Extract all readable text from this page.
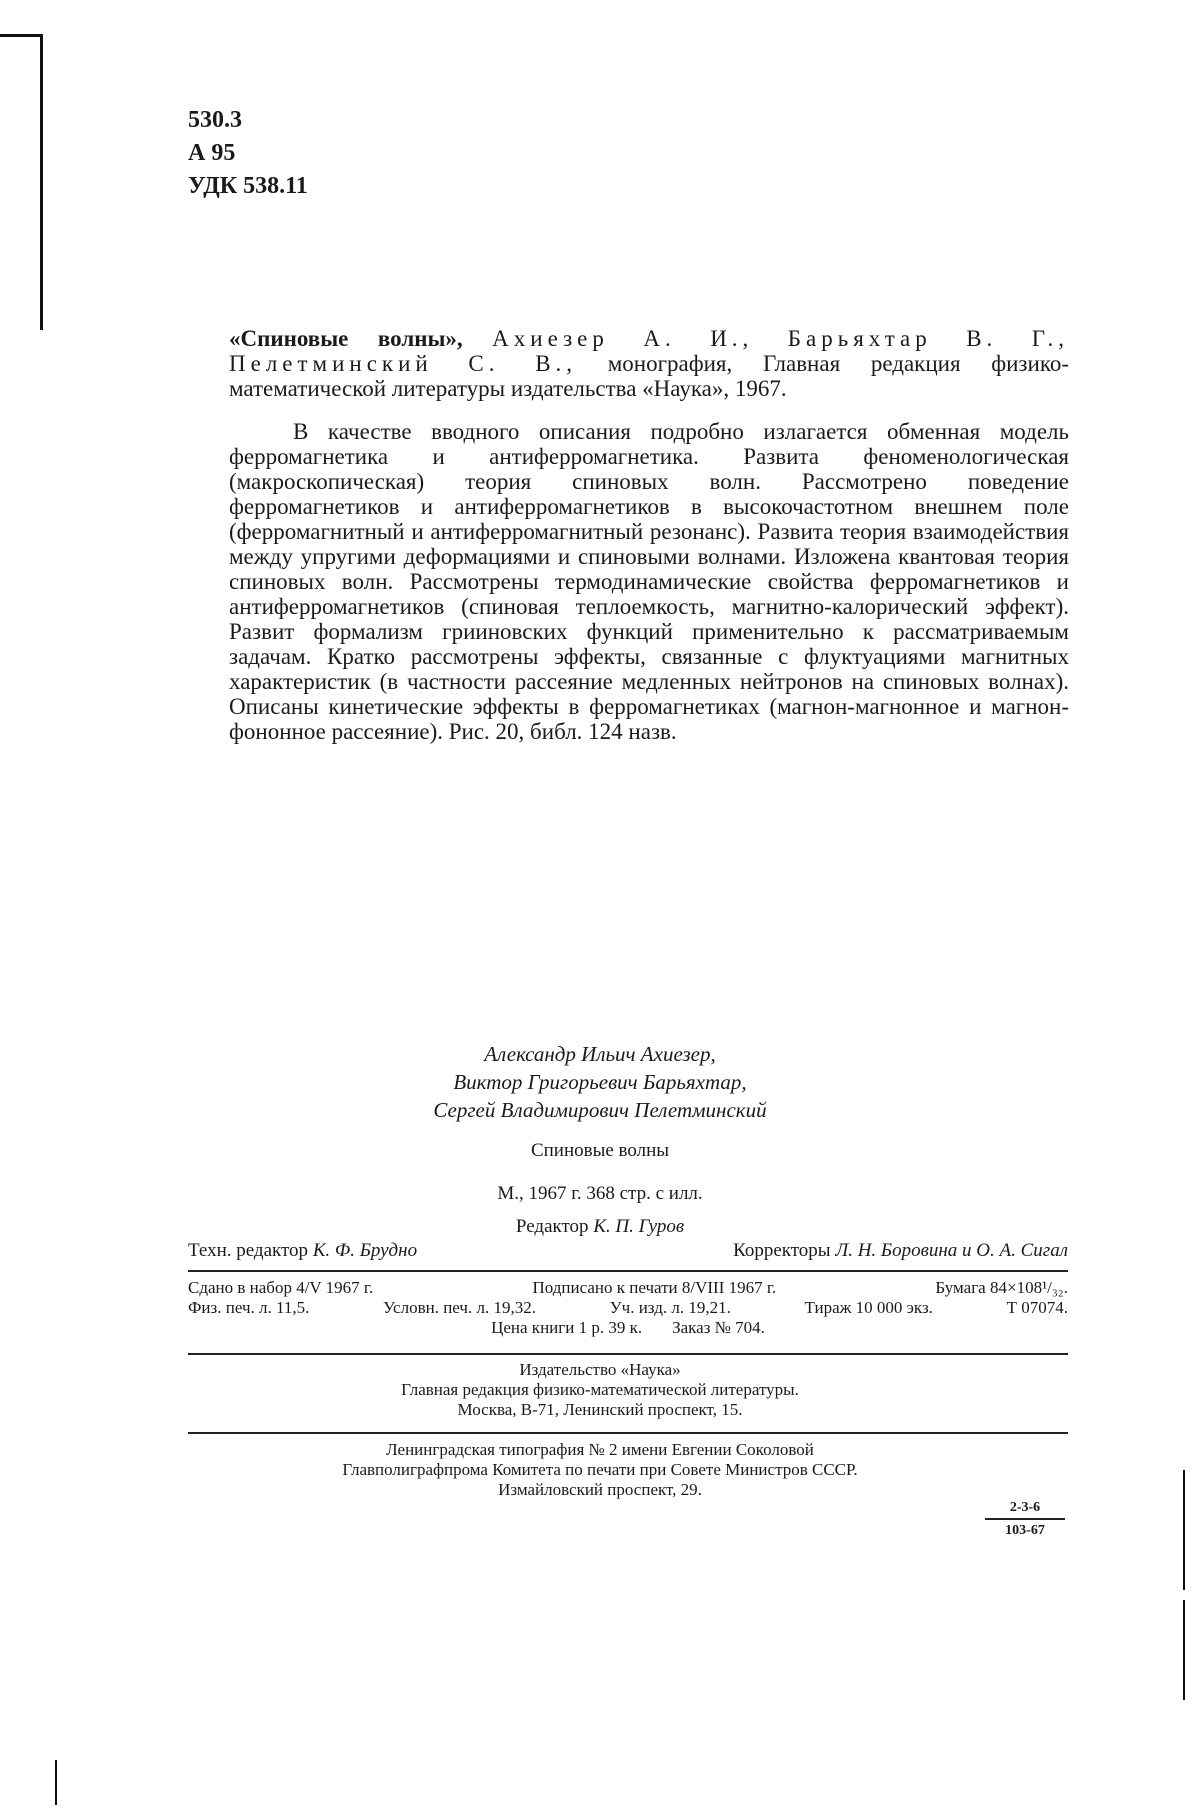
530.3
А 95
УДК 538.11

«Спиновые волны», Ахиезер А. И., Барьяхтар В. Г., Пелетминский С. В., монография, Главная редакция физико-математической литературы издательства «Наука», 1967.

В качестве вводного описания подробно излагается обменная модель ферромагнетика и антиферромагнетика. Развита феноменологическая (макроскопическая) теория спиновых волн. Рассмотрено поведение ферромагнетиков и антиферромагнетиков в высокочастотном внешнем поле (ферромагнитный и антиферромагнитный резонанс). Развита теория взаимодействия между упругими деформациями и спиновыми волнами. Изложена квантовая теория спиновых волн. Рассмотрены термодинамические свойства ферромагнетиков и антиферромагнетиков (спиновая теплоемкость, магнитно-калорический эффект). Развит формализм грииновских функций применительно к рассматриваемым задачам. Кратко рассмотрены эффекты, связанные с флуктуациями магнитных характеристик (в частности рассеяние медленных нейтронов на спиновых волнах). Описаны кинетические эффекты в ферромагнетиках (магнон-магнонное и магнон-фононное рассеяние). Рис. 20, библ. 124 назв.

Александр Ильич Ахиезер,
Виктор Григорьевич Барьяхтар,
Сергей Владимирович Пелетминский
Спиновые волны
М., 1967 г. 368 стр. с илл.
Редактор К. П. Гуров
Техн. редактор К. Ф. Брудно	Корректоры Л. Н. Боровина и О. А. Сигал
Сдано в набор 4/V 1967 г.	Подписано к печати 8/VIII 1967 г.	Бумага 84×108¹/₃₂.
Физ. печ. л. 11,5.	Условн. печ. л. 19,32.	Уч. изд. л. 19,21.	Тираж 10 000 экз.	Т 07074.
Цена книги 1 р. 39 к. Заказ № 704.
Издательство «Наука»
Главная редакция физико-математической литературы.
Москва, В-71, Ленинский проспект, 15.
Ленинградская типография № 2 имени Евгении Соколовой
Главполиграфпрома Комитета по печати при Совете Министров СССР.
Измайловский проспект, 29.
$\frac{2-3-6}{103-67}$
